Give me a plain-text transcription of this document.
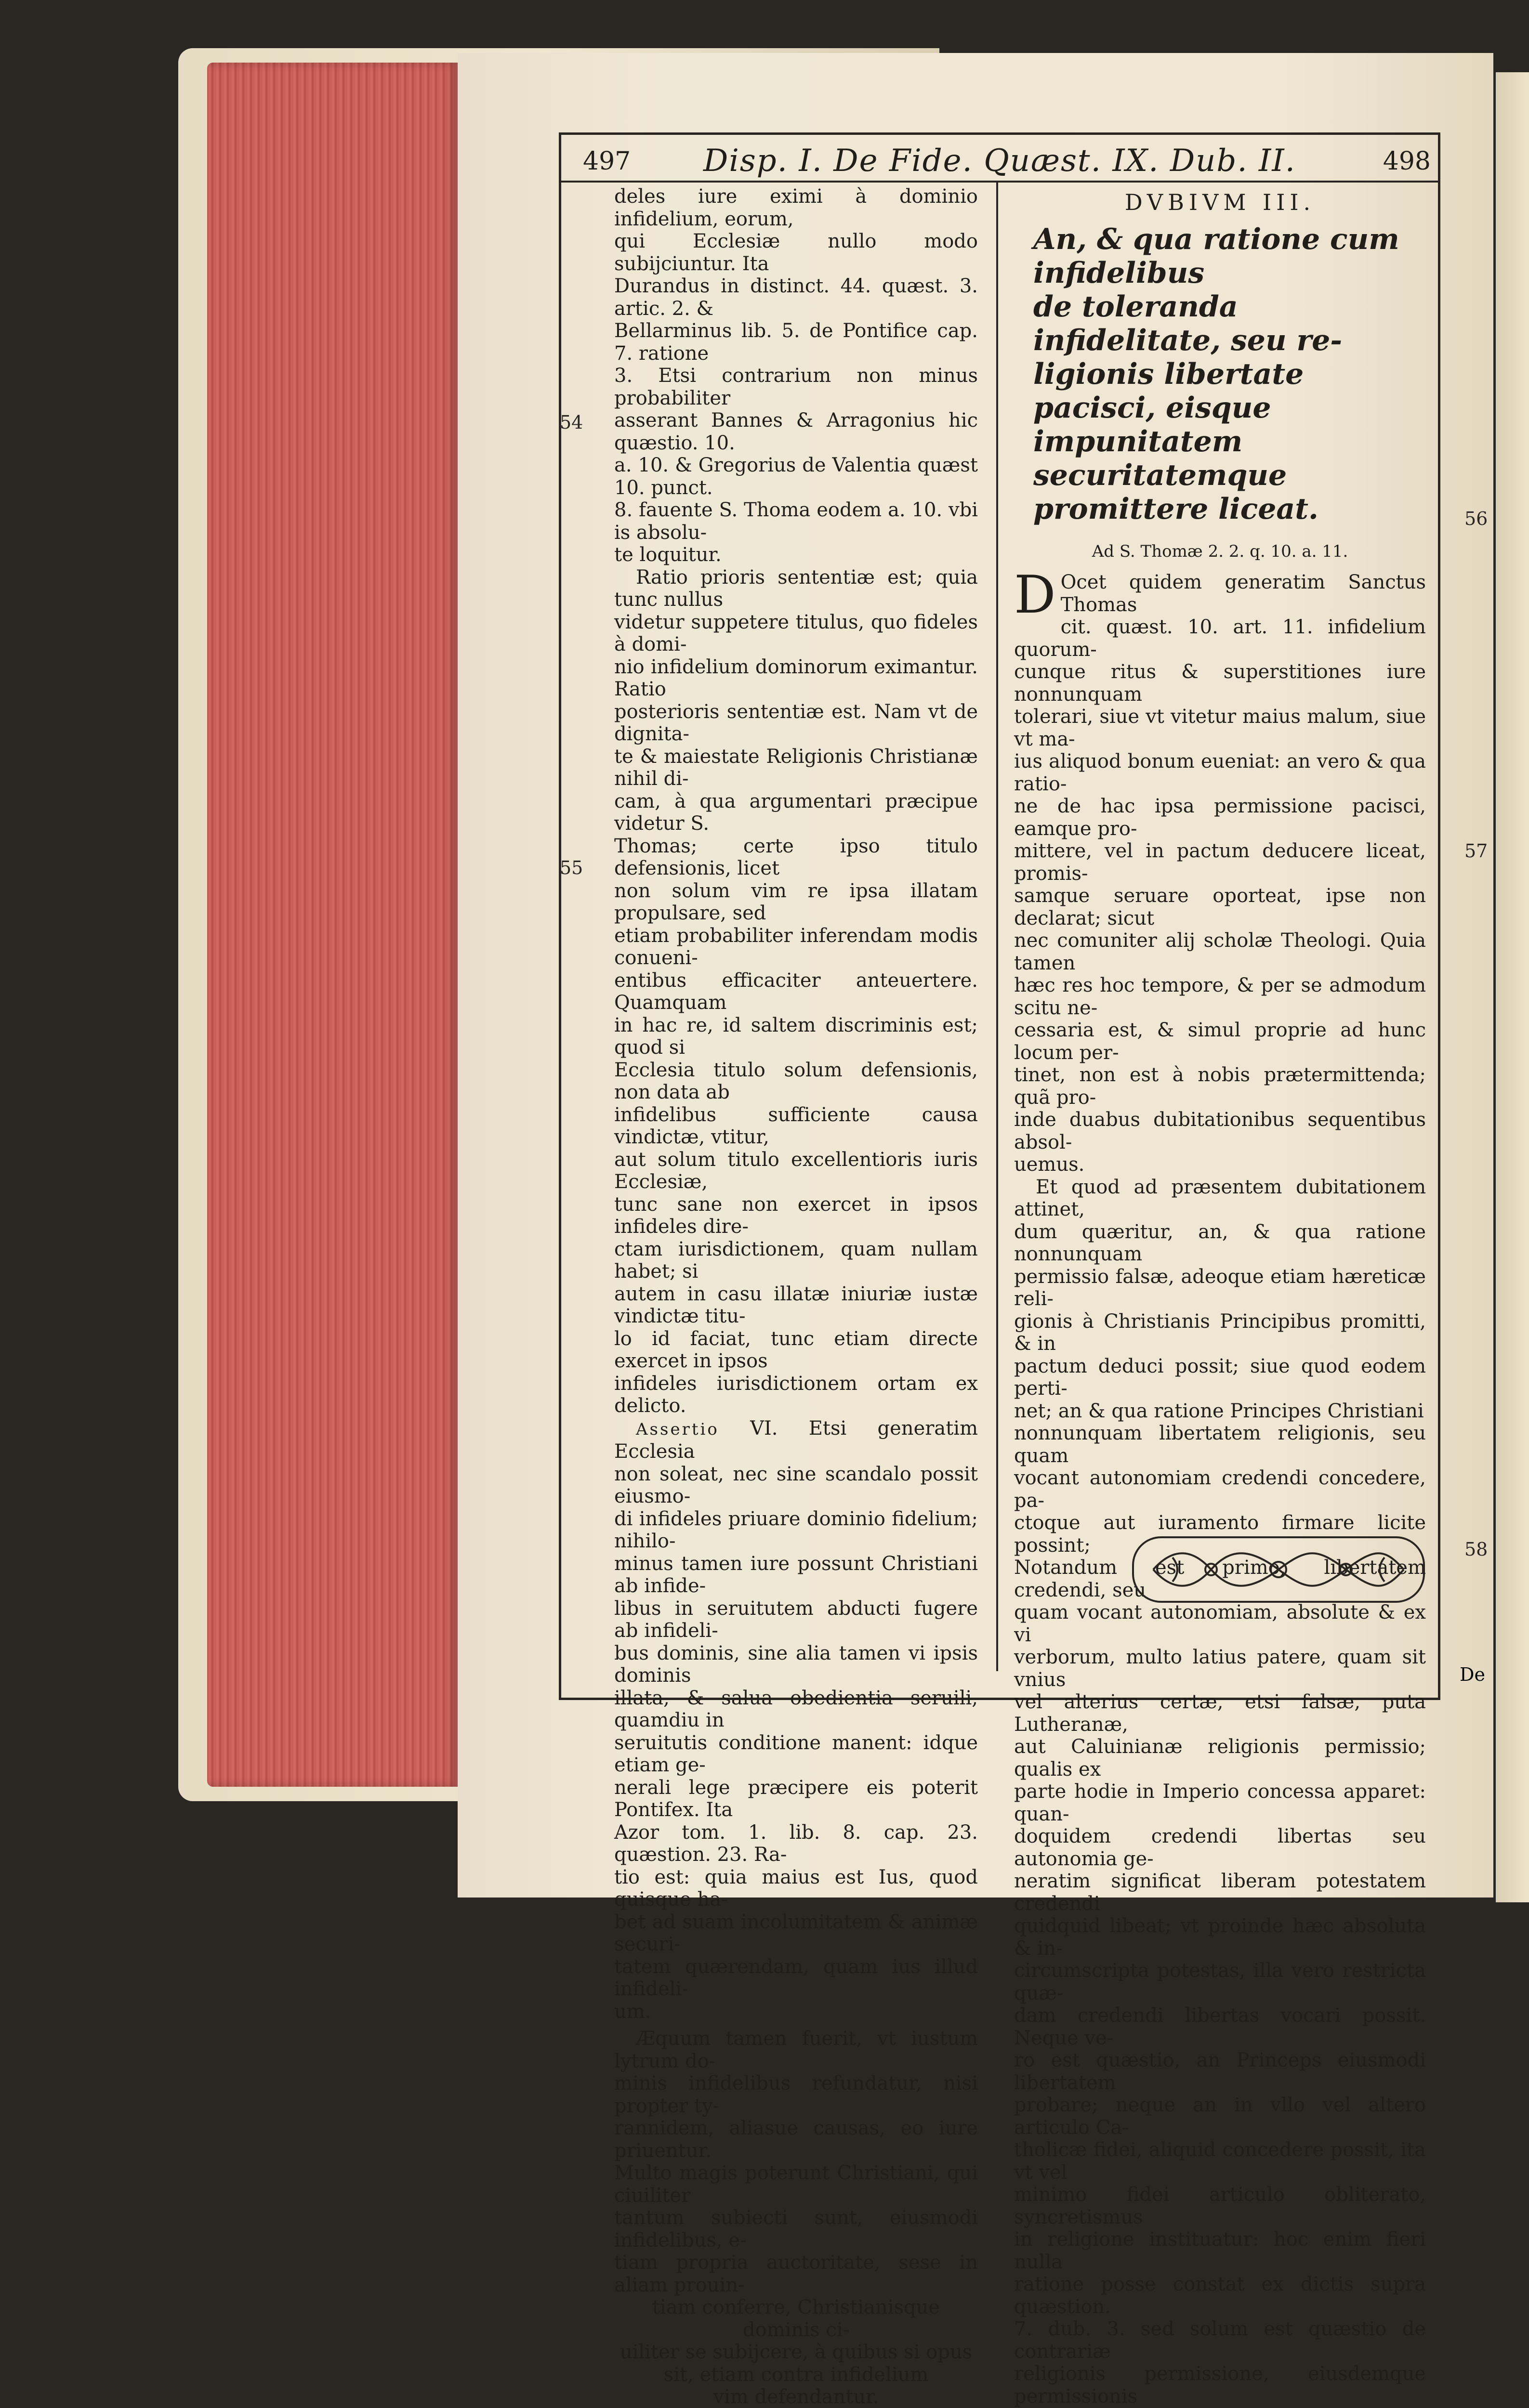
497	Disp. I. De Fide. Quæst. IX. Dub. II.	498

deles iure eximi à dominio infidelium, eorum,

qui Ecclesiæ nullo modo subijciuntur. Ita

Durandus in distinct. 44. quæst. 3. artic. 2. &

Bellarminus lib. 5. de Pontifice cap. 7. ratione

3. Etsi contrarium non minus probabiliter

asserant Bannes & Arragonius hic quæstio. 10.

a. 10. & Gregorius de Valentia quæst 10. punct.

8. fauente S. Thoma eodem a. 10. vbi is absolu-

te loquitur.

Ratio prioris sententiæ est; quia tunc nullus

videtur suppetere titulus, quo fideles à domi-

nio infidelium dominorum eximantur. Ratio

posterioris sententiæ est. Nam vt de dignita-

te & maiestate Religionis Christianæ nihil di-

cam, à qua argumentari præcipue videtur S.

Thomas; certe ipso titulo defensionis, licet

non solum vim re ipsa illatam propulsare, sed

etiam probabiliter inferendam modis conueni-

entibus efficaciter anteuertere. Quamquam

in hac re, id saltem discriminis est; quod si

Ecclesia titulo solum defensionis, non data ab

infidelibus sufficiente causa vindictæ, vtitur,

aut solum titulo excellentioris iuris Ecclesiæ,

tunc sane non exercet in ipsos infideles dire-

ctam iurisdictionem, quam nullam habet; si

autem in casu illatæ iniuriæ iustæ vindictæ titu-

lo id faciat, tunc etiam directe exercet in ipsos

infideles iurisdictionem ortam ex delicto.

Assertio VI. Etsi generatim Ecclesia

non soleat, nec sine scandalo possit eiusmo-

di infideles priuare dominio fidelium; nihilo-

minus tamen iure possunt Christiani ab infide-

libus in seruitutem abducti fugere ab infideli-

bus dominis, sine alia tamen vi ipsis dominis

illata, & salua obedientia seruili, quamdiu in

seruitutis conditione manent: idque etiam ge-

nerali lege præcipere eis poterit Pontifex. Ita

Azor tom. 1. lib. 8. cap. 23. quæstion. 23. Ra-

tio est: quia maius est Ius, quod quisque ha-

bet ad suam incolumitatem & animæ securi-

tatem quærendam, quam ius illud infideli-

um.

Æquum tamen fuerit, vt iustum lytrum do-

minis infidelibus refundatur, nisi propter ty-

rannidem, aliasue causas, eo iure priuentur.

Multo magis poterunt Christiani, qui ciuiliter

tantum subiecti sunt, eiusmodi infidelibus, e-

tiam propria auctoritate, sese in aliam prouin-

tiam conferre, Christianisque dominis ci-

uiliter se subijcere, à quibus si opus

sit, etiam contra infidelium

vim defendantur.

DVBIVM III.
An, & qua ratione cum infidelibus
de toleranda infidelitate, seu re-
ligionis libertate pacisci, eisque
impunitatem securitatemque
promittere liceat.
Ad S. Thomæ 2. 2. q. 10. a. 11.
D Ocet quidem generatim Sanctus Thomas

cit. quæst. 10. art. 11. infidelium quorum-

cunque ritus & superstitiones iure nonnunquam

tolerari, siue vt vitetur maius malum, siue vt ma-

ius aliquod bonum eueniat: an vero & qua ratio-

ne de hac ipsa permissione pacisci, eamque pro-

mittere, vel in pactum deducere liceat, promis-

samque seruare oporteat, ipse non declarat; sicut

nec comuniter alij scholæ Theologi. Quia tamen

hæc res hoc tempore, & per se admodum scitu ne-

cessaria est, & simul proprie ad hunc locum per-

tinet, non est à nobis prætermittenda; quã pro-

inde duabus dubitationibus sequentibus absol-

uemus.

Et quod ad præsentem dubitationem attinet,

dum quæritur, an, & qua ratione nonnunquam

permissio falsæ, adeoque etiam hæreticæ reli-

gionis à Christianis Principibus promitti, & in

pactum deduci possit; siue quod eodem perti-

net; an & qua ratione Principes Christiani

nonnunquam libertatem religionis, seu quam

vocant autonomiam credendi concedere, pa-

ctoque aut iuramento firmare licite possint;

Notandum est primo, libertatem credendi, seu

quam vocant autonomiam, absolute & ex vi

verborum, multo latius patere, quam sit vnius

vel alterius certæ, etsi falsæ, puta Lutheranæ,

aut Caluinianæ religionis permissio; qualis ex

parte hodie in Imperio concessa apparet: quan-

doquidem credendi libertas seu autonomia ge-

neratim significat liberam potestatem credendi

quidquid libeat; vt proinde hæc absoluta & in-

circumscripta potestas, illa vero restricta quæ-

dam credendi libertas vocari possit. Neque ve-

ro est quæstio, an Princeps eiusmodi libertatem

probare; neque an in vllo vel altero articulo Ca-

tholicæ fidei, aliquid concedere possit, ita vt vel

minimo fidei articulo obliterato, syncretismus

in religione instituatur: hoc enim fieri nulla

ratione posse constat ex dictis supra quæstion.

7. dub. 3. sed solum est quæstio de contrariæ

religionis permissione, eiusdemque permissionis

54
55
56
57
58
De
